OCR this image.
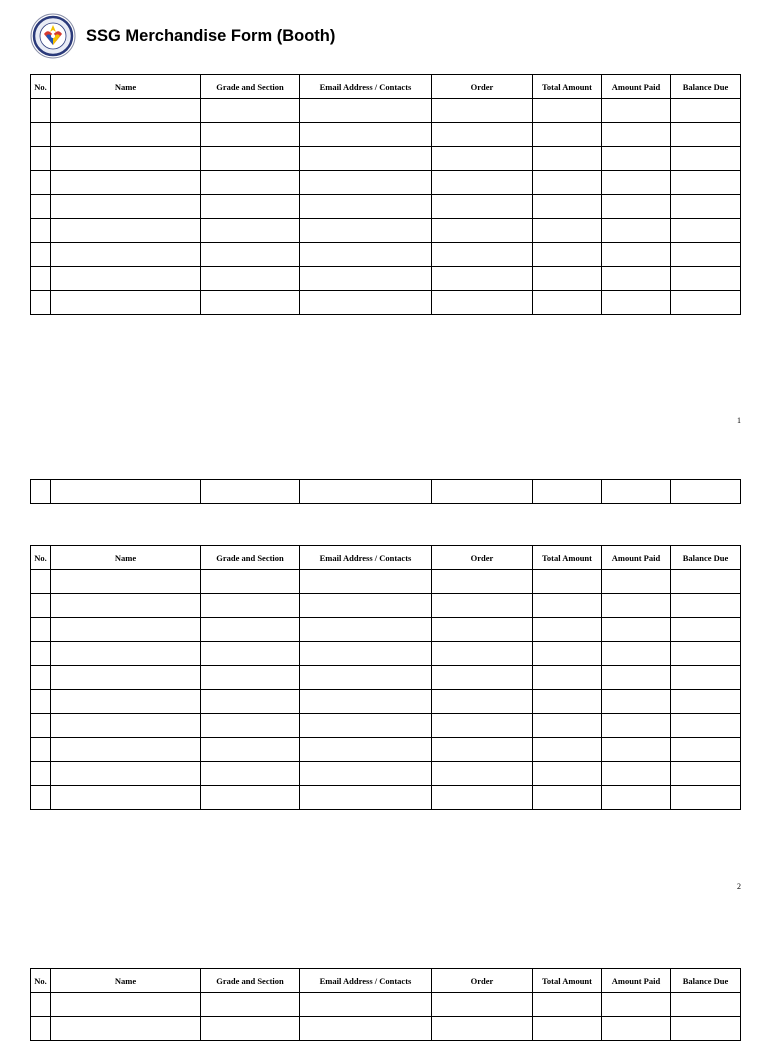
SSG Merchandise Form (Booth)
No.	Name	Grade and Section	Email Address / Contacts	Order	Total Amount	Amount Paid	Balance Due

1

No.	Name	Grade and Section	Email Address / Contacts	Order	Total Amount	Amount Paid	Balance Due

2
No.	Name	Grade and Section	Email Address / Contacts	Order	Total Amount	Amount Paid	Balance Due
